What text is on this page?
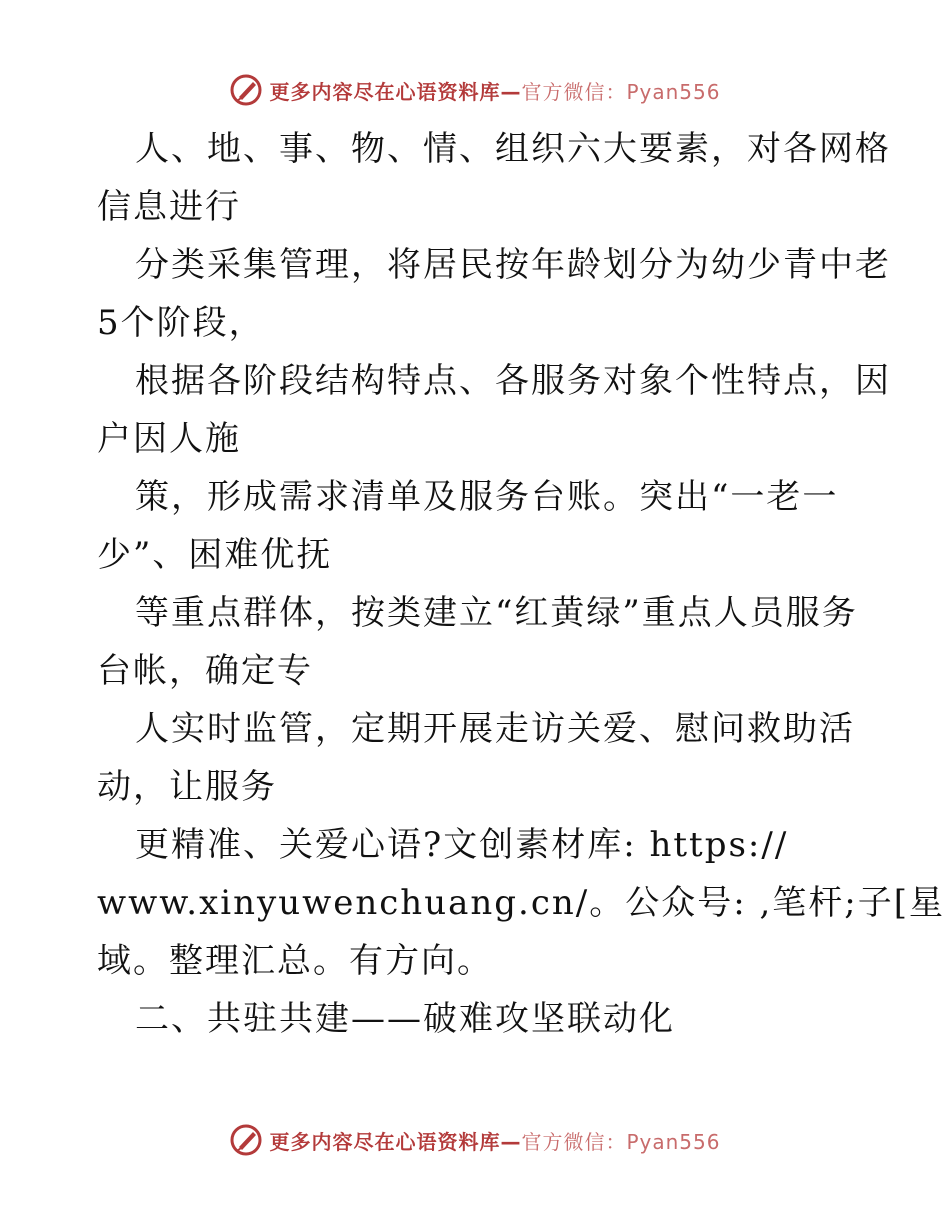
更多内容尽在心语资料库—官方微信：Pyan556
人、地、事、物、情、组织六大要素，对各网格
信息进行
分类采集管理，将居民按年龄划分为幼少青中老
5个阶段，
根据各阶段结构特点、各服务对象个性特点，因
户因人施
策，形成需求清单及服务台账。突出“一老一
少”、困难优抚
等重点群体，按类建立“红黄绿”重点人员服务
台帐，确定专
人实时监管，定期开展走访关爱、慰问救助活
动，让服务
更精准、关爱心语?文创素材库: https://
www.xinyuwenchuang.cn/。公众号: ,笔杆;子[星
域。整理汇总。有方向。
二、共驻共建——破难攻坚联动化
更多内容尽在心语资料库—官方微信：Pyan556
